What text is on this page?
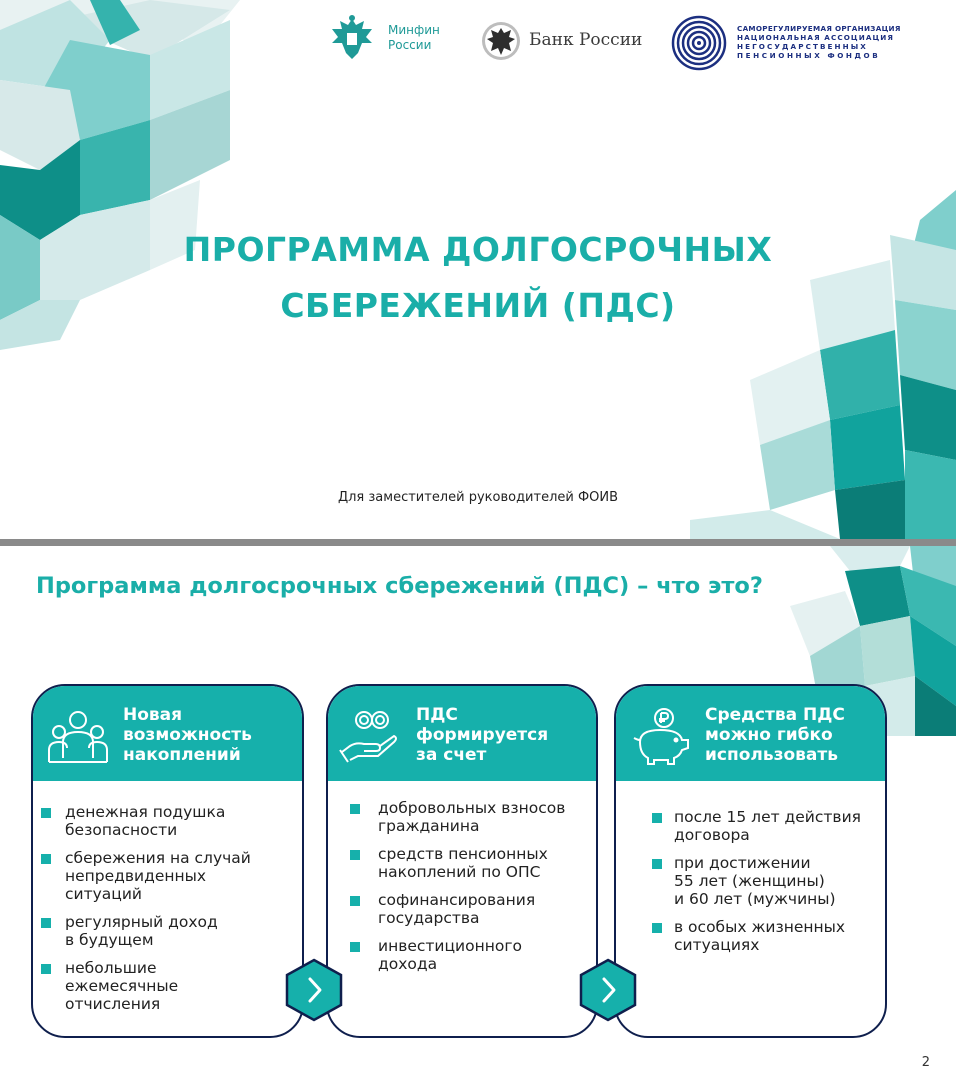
Минфин
России	Банк России
САМОРЕГУЛИРУЕМАЯ ОРГАНИЗАЦИЯ
НАЦИОНАЛЬНАЯ АССОЦИАЦИЯ
НЕГОСУДАРСТВЕННЫХ
ПЕНСИОННЫХ ФОНДОВ
ПРОГРАММА ДОЛГОСРОЧНЫХ
СБЕРЕЖЕНИЙ (ПДС)
Для заместителей руководителей ФОИВ
Программа долгосрочных сбережений (ПДС) – что это?
Новая
возможность
накоплений
денежная подушка
безопасности
сбережения на случай
непредвиденных
ситуаций
регулярный доход
в будущем
небольшие
ежемесячные
отчисления
ПДС
формируется
за счет
добровольных взносов
гражданина
средств пенсионных
накоплений по ОПС
софинансирования
государства
инвестиционного
дохода
Средства ПДС
можно гибко
использовать
после 15 лет действия
договора
при достижении
55 лет (женщины)
и 60 лет (мужчины)
в особых жизненных
ситуациях
2
